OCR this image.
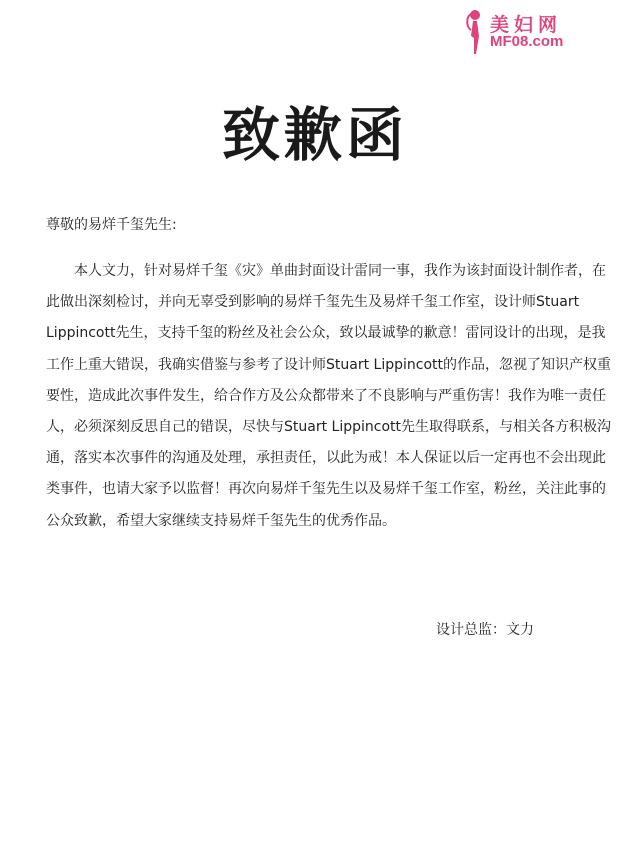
美妇网
MF08.com
致歉函
尊敬的易烊千玺先生:
本人文力，针对易烊千玺《灾》单曲封面设计雷同一事，我作为该封面设计制作者，在
此做出深刻检讨，并向无辜受到影响的易烊千玺先生及易烊千玺工作室，设计师Stuart
Lippincott先生，支持千玺的粉丝及社会公众，致以最诚挚的歉意！雷同设计的出现，是我
工作上重大错误，我确实借鉴与参考了设计师Stuart Lippincott的作品，忽视了知识产权重
要性，造成此次事件发生，给合作方及公众都带来了不良影响与严重伤害！我作为唯一责任
人，必须深刻反思自己的错误，尽快与Stuart Lippincott先生取得联系，与相关各方积极沟
通，落实本次事件的沟通及处理，承担责任，以此为戒！本人保证以后一定再也不会出现此
类事件，也请大家予以监督！再次向易烊千玺先生以及易烊千玺工作室，粉丝，关注此事的
公众致歉，希望大家继续支持易烊千玺先生的优秀作品。
设计总监：文力
